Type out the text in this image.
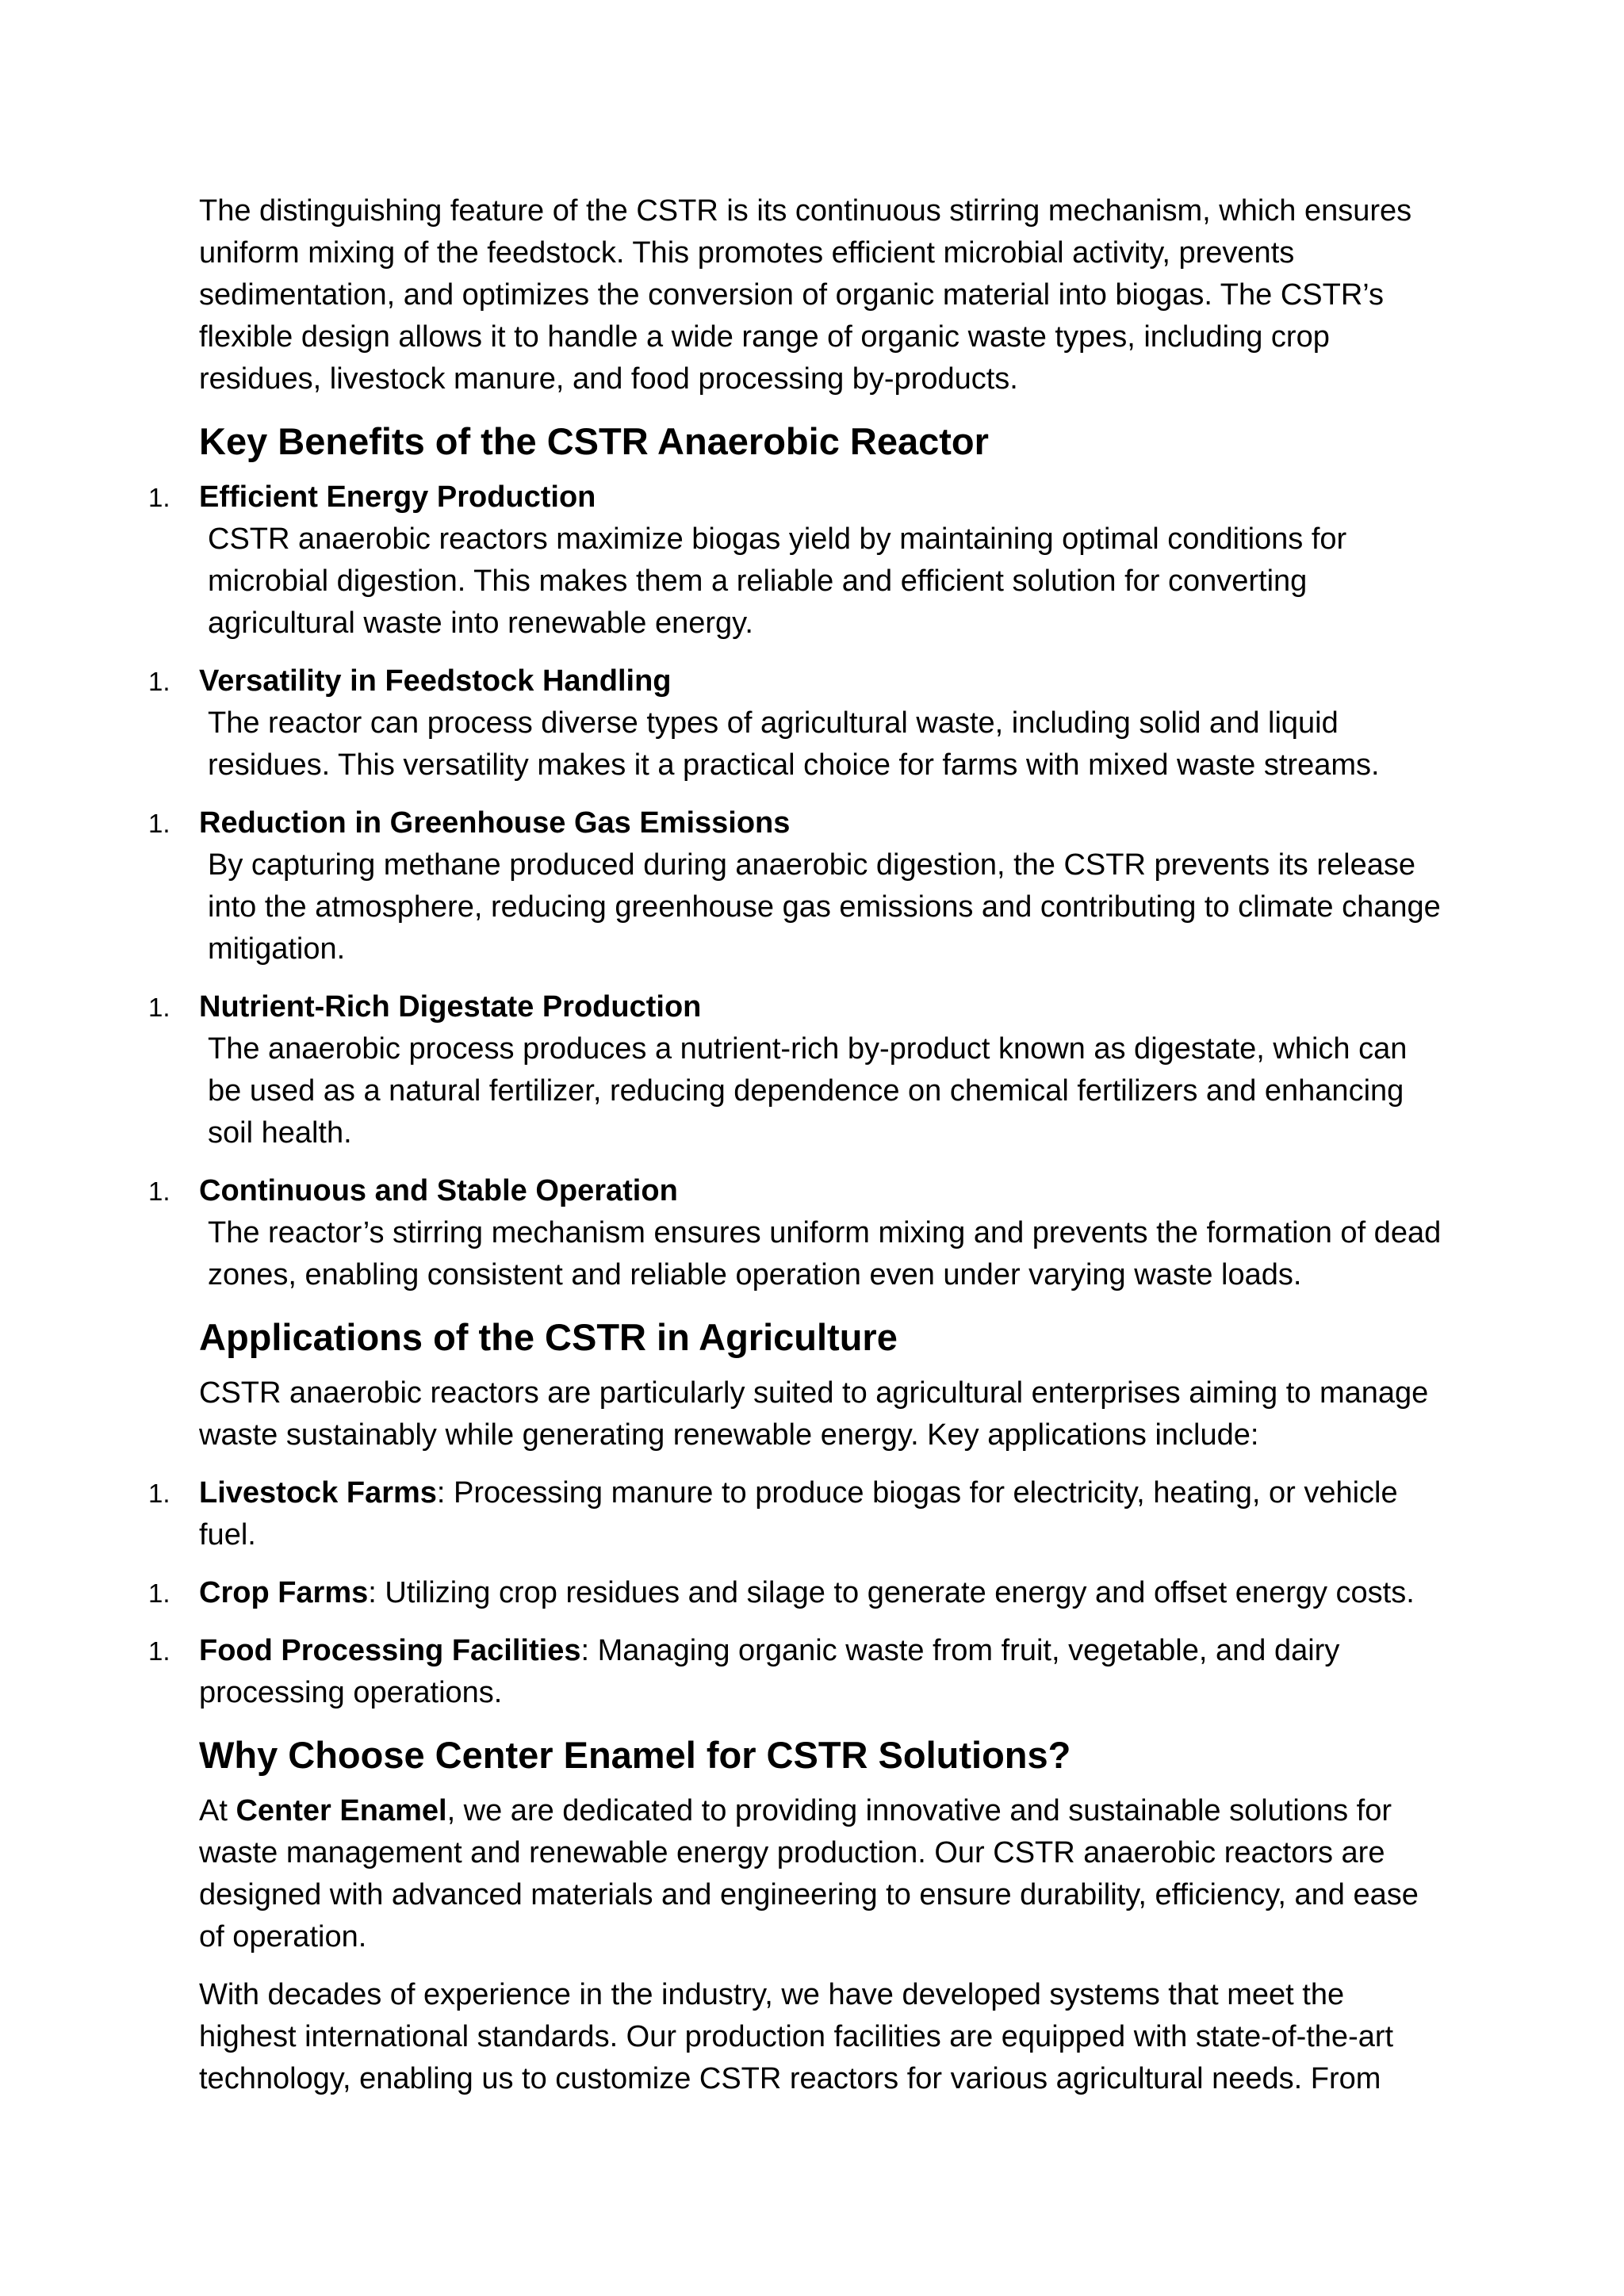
The distinguishing feature of the CSTR is its continuous stirring mechanism, which ensures uniform mixing of the feedstock. This promotes efficient microbial activity, prevents sedimentation, and optimizes the conversion of organic material into biogas. The CSTR’s flexible design allows it to handle a wide range of organic waste types, including crop residues, livestock manure, and food processing by-products.

Key Benefits of the CSTR Anaerobic Reactor
1. Efficient Energy Production
CSTR anaerobic reactors maximize biogas yield by maintaining optimal conditions for microbial digestion. This makes them a reliable and efficient solution for converting agricultural waste into renewable energy.
1. Versatility in Feedstock Handling
The reactor can process diverse types of agricultural waste, including solid and liquid residues. This versatility makes it a practical choice for farms with mixed waste streams.
1. Reduction in Greenhouse Gas Emissions
By capturing methane produced during anaerobic digestion, the CSTR prevents its release into the atmosphere, reducing greenhouse gas emissions and contributing to climate change mitigation.
1. Nutrient-Rich Digestate Production
The anaerobic process produces a nutrient-rich by-product known as digestate, which can be used as a natural fertilizer, reducing dependence on chemical fertilizers and enhancing soil health.
1. Continuous and Stable Operation
The reactor’s stirring mechanism ensures uniform mixing and prevents the formation of dead zones, enabling consistent and reliable operation even under varying waste loads.
Applications of the CSTR in Agriculture

CSTR anaerobic reactors are particularly suited to agricultural enterprises aiming to manage waste sustainably while generating renewable energy. Key applications include:

1. Livestock Farms: Processing manure to produce biogas for electricity, heating, or vehicle fuel.
1. Crop Farms: Utilizing crop residues and silage to generate energy and offset energy costs.
1. Food Processing Facilities: Managing organic waste from fruit, vegetable, and dairy processing operations.
Why Choose Center Enamel for CSTR Solutions?

At Center Enamel, we are dedicated to providing innovative and sustainable solutions for waste management and renewable energy production. Our CSTR anaerobic reactors are designed with advanced materials and engineering to ensure durability, efficiency, and ease of operation.

With decades of experience in the industry, we have developed systems that meet the highest international standards. Our production facilities are equipped with state-of-the-art technology, enabling us to customize CSTR reactors for various agricultural needs. From
